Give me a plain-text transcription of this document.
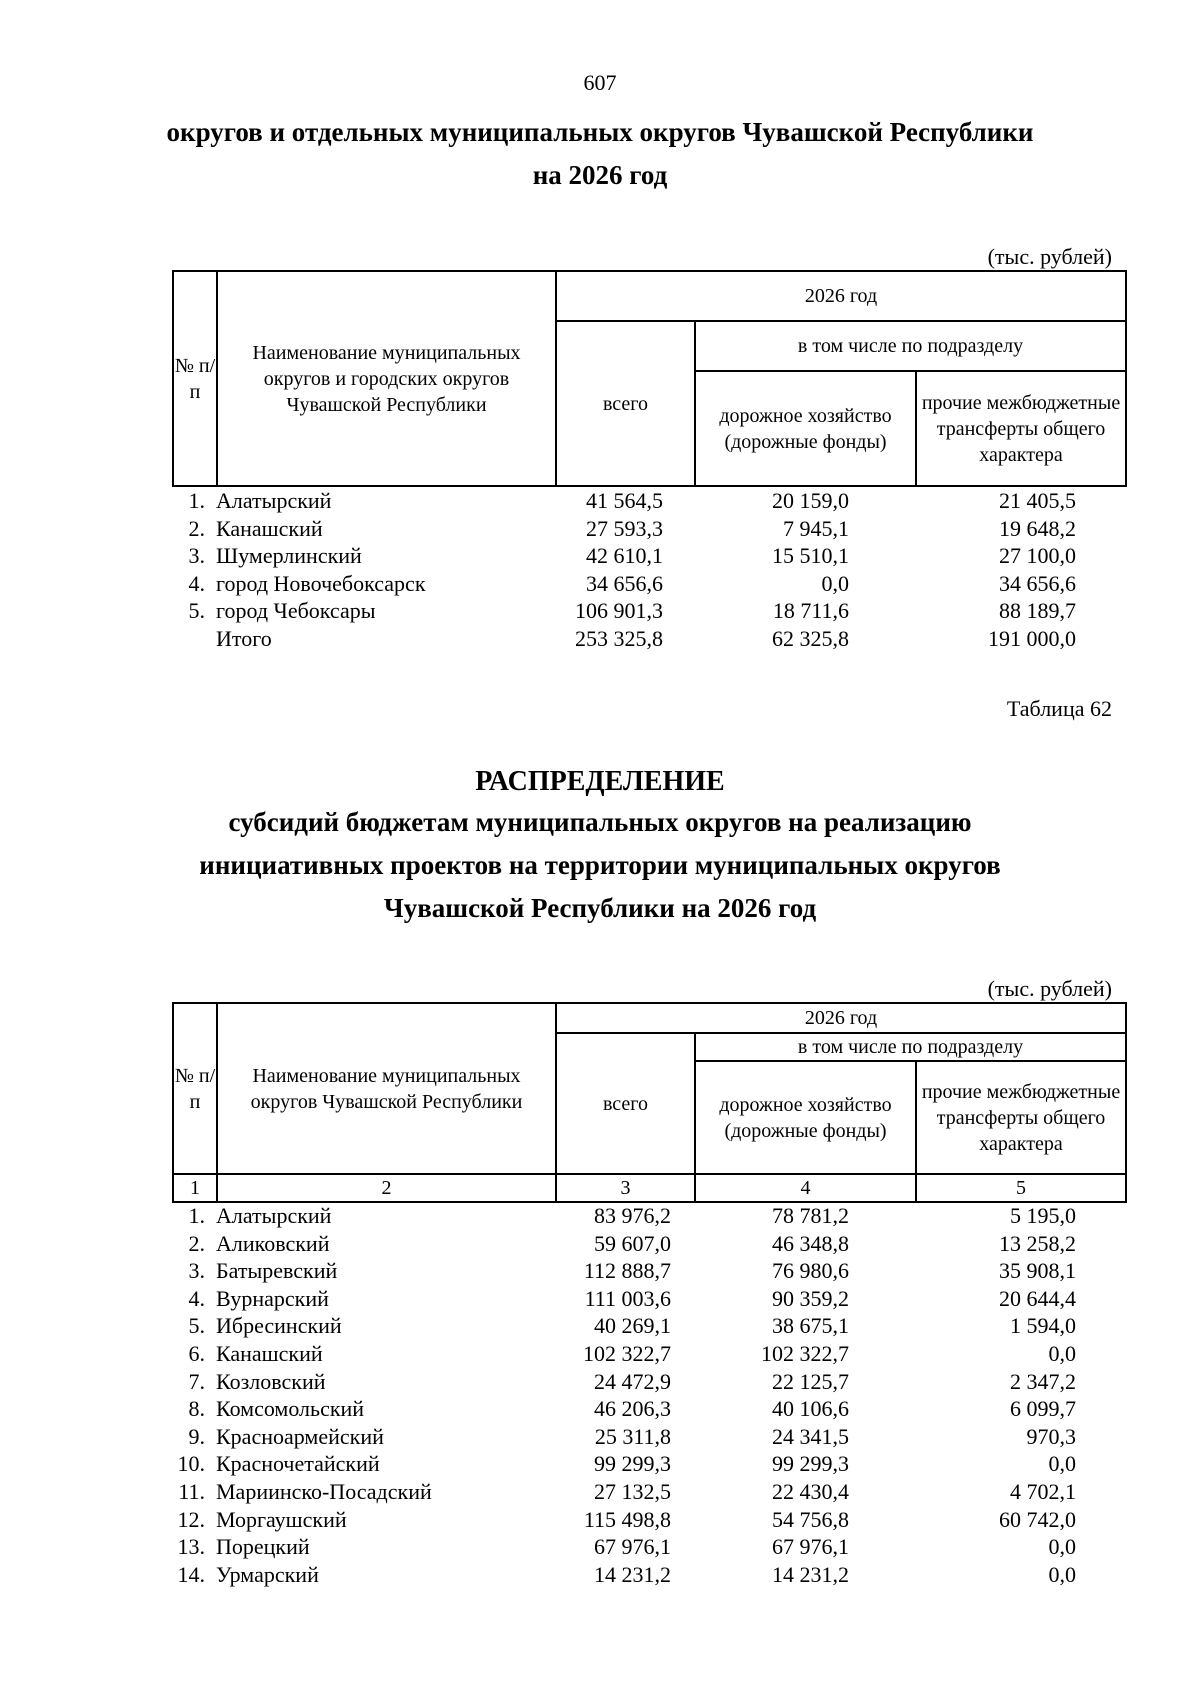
607
округов и отдельных муниципальных округов Чувашской Республики
на 2026 год
(тыс. рублей)
№ п/п	Наименование муниципальных округов и городских округов Чувашской Республики	2026 год		
		всего	в том числе по подразделу	
			дорожное хозяйство (дорожные фонды)	прочие межбюджетные трансферты общего характера
1. Алатырский	41 564,5	20 159,0	21 405,5
2. Канашский	27 593,3	7 945,1	19 648,2
3. Шумерлинский	42 610,1	15 510,1	27 100,0
4. город Новочебоксарск	34 656,6	0,0	34 656,6
5. город Чебоксары	106 901,3	18 711,6	88 189,7
Итого	253 325,8	62 325,8	191 000,0
Таблица 62
РАСПРЕДЕЛЕНИЕ
субсидий бюджетам муниципальных округов на реализацию
инициативных проектов на территории муниципальных округов
Чувашской Республики на 2026 год
(тыс. рублей)
№ п/п	Наименование муниципальных округов Чувашской Республики	2026 год		
		всего	в том числе по подразделу	
			дорожное хозяйство (дорожные фонды)	прочие межбюджетные трансферты общего характера
1	2	3	4	5
1. Алатырский	83 976,2	78 781,2	5 195,0
2. Аликовский	59 607,0	46 348,8	13 258,2
3. Батыревский	112 888,7	76 980,6	35 908,1
4. Вурнарский	111 003,6	90 359,2	20 644,4
5. Ибресинский	40 269,1	38 675,1	1 594,0
6. Канашский	102 322,7	102 322,7	0,0
7. Козловский	24 472,9	22 125,7	2 347,2
8. Комсомольский	46 206,3	40 106,6	6 099,7
9. Красноармейский	25 311,8	24 341,5	970,3
10. Красночетайский	99 299,3	99 299,3	0,0
11. Мариинско-Посадский	27 132,5	22 430,4	4 702,1
12. Моргаушский	115 498,8	54 756,8	60 742,0
13. Порецкий	67 976,1	67 976,1	0,0
14. Урмарский	14 231,2	14 231,2	0,0
